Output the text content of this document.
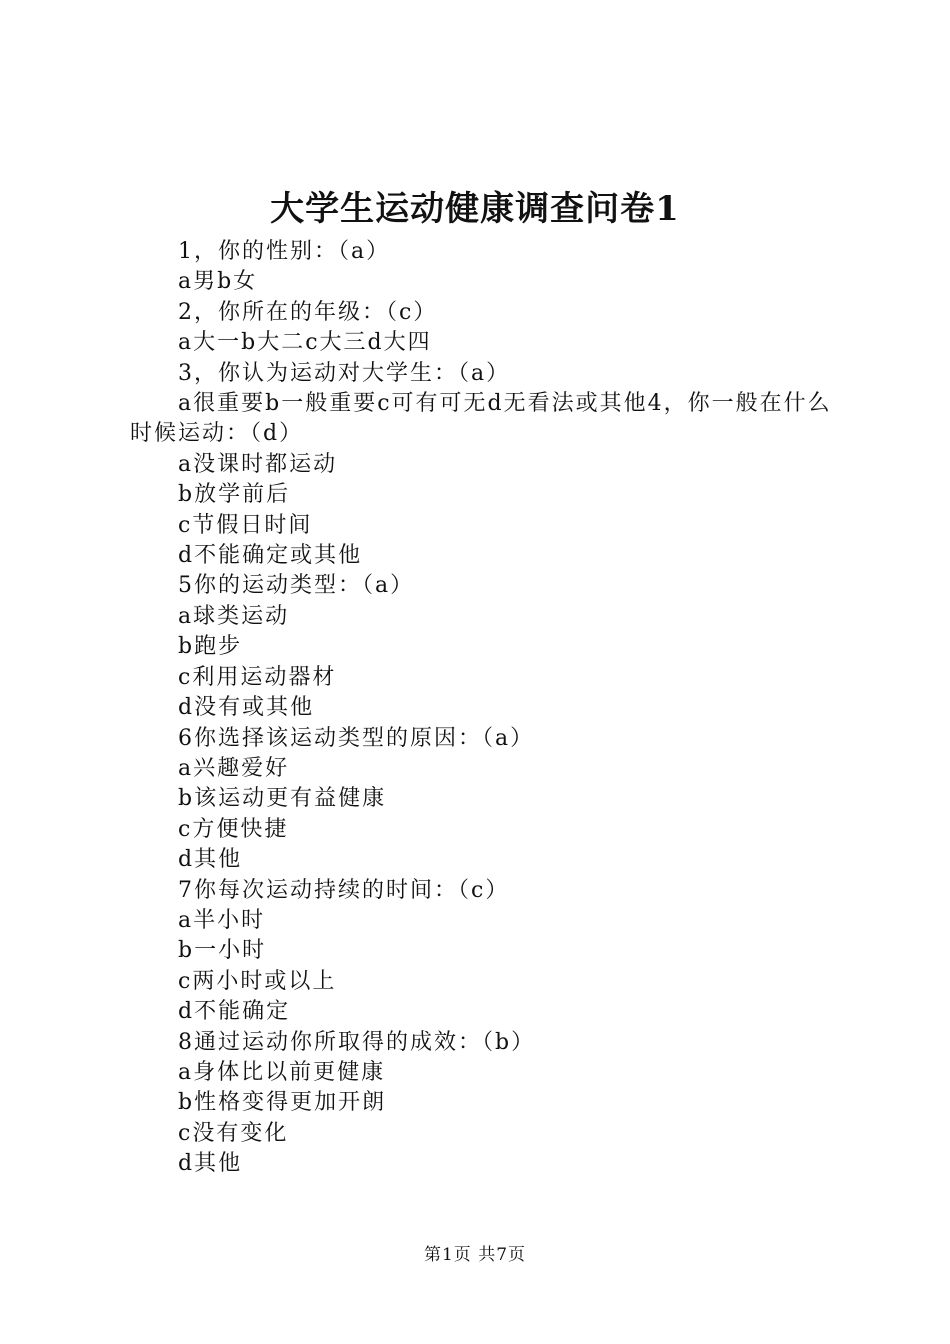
大学生运动健康调查问卷1
1，你的性别：（a）
a男b女
2，你所在的年级：（c）
a大一b大二c大三d大四
3，你认为运动对大学生：（a）
a很重要b一般重要c可有可无d无看法或其他4，你一般在什么时候运动：（d）
a没课时都运动
b放学前后
c节假日时间
d不能确定或其他
5你的运动类型：（a）
a球类运动
b跑步
c利用运动器材
d没有或其他
6你选择该运动类型的原因：（a）
a兴趣爱好
b该运动更有益健康
c方便快捷
d其他
7你每次运动持续的时间：（c）
a半小时
b一小时
c两小时或以上
d不能确定
8通过运动你所取得的成效：（b）
a身体比以前更健康
b性格变得更加开朗
c没有变化
d其他
第1页 共7页
